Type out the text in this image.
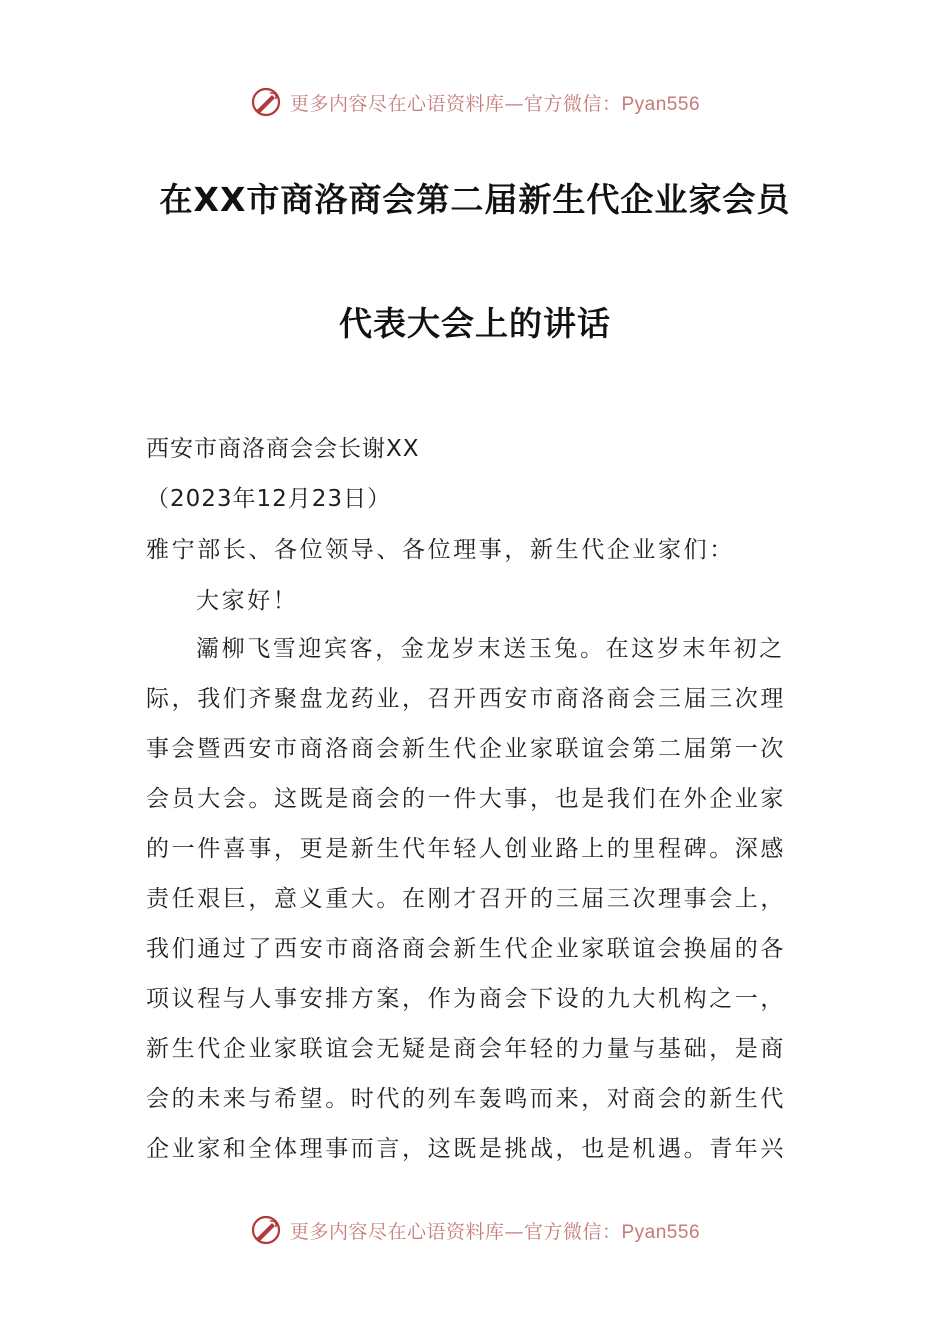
更多内容尽在心语资料库—官方微信：Pyan556
在XX市商洛商会第二届新生代企业家会员
代表大会上的讲话
西安市商洛商会会长谢XX
（2023年12月23日）
雅宁部长、各位领导、各位理事，新生代企业家们：
大家好！
灞柳飞雪迎宾客，金龙岁末送玉兔。在这岁末年初之
际，我们齐聚盘龙药业，召开西安市商洛商会三届三次理
事会暨西安市商洛商会新生代企业家联谊会第二届第一次
会员大会。这既是商会的一件大事，也是我们在外企业家
的一件喜事，更是新生代年轻人创业路上的里程碑。深感
责任艰巨，意义重大。在刚才召开的三届三次理事会上，
我们通过了西安市商洛商会新生代企业家联谊会换届的各
项议程与人事安排方案，作为商会下设的九大机构之一，
新生代企业家联谊会无疑是商会年轻的力量与基础，是商
会的未来与希望。时代的列车轰鸣而来，对商会的新生代
企业家和全体理事而言，这既是挑战，也是机遇。青年兴
更多内容尽在心语资料库—官方微信：Pyan556
